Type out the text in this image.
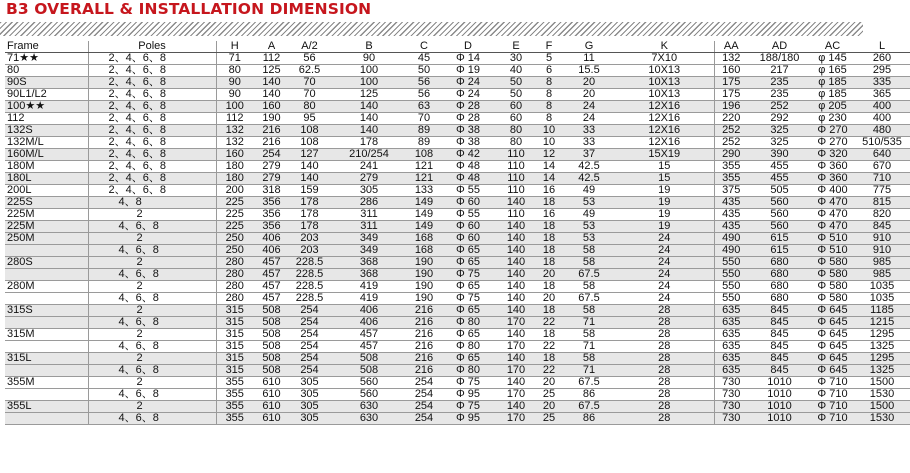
B3 OVERALL & INSTALLATION DIMENSION
Frame	Poles	H	A	A/2	B	C	D	E	F	G	K	AA	AD	AC	L
71★★	2、4、6、8	71	112	56	90	45	Φ 14	30	5	11	7X10	132	188/180	φ 145	260
80	2、4、6、8	80	125	62.5	100	50	Φ 19	40	6	15.5	10X13	160	217	φ 165	295
90S	2、4、6、8	90	140	70	100	56	Φ 24	50	8	20	10X13	175	235	φ 185	335
90L1/L2	2、4、6、8	90	140	70	125	56	Φ 24	50	8	20	10X13	175	235	φ 185	365
100★★	2、4、6、8	100	160	80	140	63	Φ 28	60	8	24	12X16	196	252	φ 205	400
112	2、4、6、8	112	190	95	140	70	Φ 28	60	8	24	12X16	220	292	φ 230	400
132S	2、4、6、8	132	216	108	140	89	Φ 38	80	10	33	12X16	252	325	Φ 270	480
132M/L	2、4、6、8	132	216	108	178	89	Φ 38	80	10	33	12X16	252	325	Φ 270	510/535
160M/L	2、4、6、8	160	254	127	210/254	108	Φ 42	110	12	37	15X19	290	390	Φ 320	640
180M	2、4、6、8	180	279	140	241	121	Φ 48	110	14	42.5	15	355	455	Φ 360	670
180L	2、4、6、8	180	279	140	279	121	Φ 48	110	14	42.5	15	355	455	Φ 360	710
200L	2、4、6、8	200	318	159	305	133	Φ 55	110	16	49	19	375	505	Φ 400	775
225S	4、8	225	356	178	286	149	Φ 60	140	18	53	19	435	560	Φ 470	815
225M	2	225	356	178	311	149	Φ 55	110	16	49	19	435	560	Φ 470	820
225M	4、6、8	225	356	178	311	149	Φ 60	140	18	53	19	435	560	Φ 470	845
250M	2	250	406	203	349	168	Φ 60	140	18	53	24	490	615	Φ 510	910
	4、6、8	250	406	203	349	168	Φ 65	140	18	58	24	490	615	Φ 510	910
280S	2	280	457	228.5	368	190	Φ 65	140	18	58	24	550	680	Φ 580	985
	4、6、8	280	457	228.5	368	190	Φ 75	140	20	67.5	24	550	680	Φ 580	985
280M	2	280	457	228.5	419	190	Φ 65	140	18	58	24	550	680	Φ 580	1035
	4、6、8	280	457	228.5	419	190	Φ 75	140	20	67.5	24	550	680	Φ 580	1035
315S	2	315	508	254	406	216	Φ 65	140	18	58	28	635	845	Φ 645	1185
	4、6、8	315	508	254	406	216	Φ 80	170	22	71	28	635	845	Φ 645	1215
315M	2	315	508	254	457	216	Φ 65	140	18	58	28	635	845	Φ 645	1295
	4、6、8	315	508	254	457	216	Φ 80	170	22	71	28	635	845	Φ 645	1325
315L	2	315	508	254	508	216	Φ 65	140	18	58	28	635	845	Φ 645	1295
	4、6、8	315	508	254	508	216	Φ 80	170	22	71	28	635	845	Φ 645	1325
355M	2	355	610	305	560	254	Φ 75	140	20	67.5	28	730	1010	Φ 710	1500
	4、6、8	355	610	305	560	254	Φ 95	170	25	86	28	730	1010	Φ 710	1530
355L	2	355	610	305	630	254	Φ 75	140	20	67.5	28	730	1010	Φ 710	1500
	4、6、8	355	610	305	630	254	Φ 95	170	25	86	28	730	1010	Φ 710	1530
